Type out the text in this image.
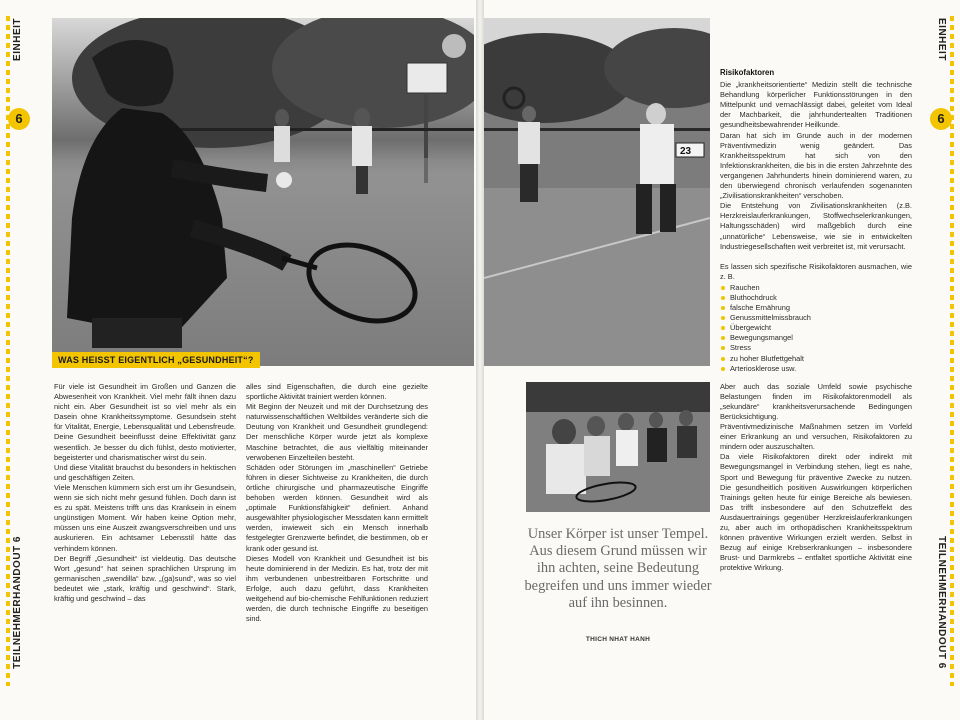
EINHEIT
6
TEILNEHMERHANDOUT 6
EINHEIT
6
TEILNEHMERHANDOUT 6
WAS HEISST EIGENTLICH „GESUNDHEIT“?
23

Für viele ist Gesundheit im Großen und Ganzen die Abwesenheit von Krankheit. Viel mehr fällt ihnen dazu nicht ein. Aber Gesundheit ist so viel mehr als ein Dasein ohne Krankheitssymptome. Gesundsein steht für Vitalität, Energie, Lebensqualität und Lebensfreude. Deine Gesundheit beeinflusst deine Effektivität ganz wesentlich. Je besser du dich fühlst, desto motivierter, begeisterter und charismatischer wirst du sein.

Und diese Vitalität brauchst du besonders in hektischen und geschäftigen Zeiten.

Viele Menschen kümmern sich erst um ihr Gesundsein, wenn sie sich nicht mehr gesund fühlen. Doch dann ist es zu spät. Meistens trifft uns das Kranksein in einem ungünstigen Moment. Wir haben keine Option mehr, müssen uns eine Auszeit zwangsverschreiben und uns auskurieren. Ein achtsamer Lebensstil hätte das verhindern können.

Der Begriff „Gesundheit“ ist vieldeutig. Das deutsche Wort „gesund“ hat seinen sprachlichen Ursprung im germanischen „swendilla“ bzw. „(ga)sund“, was so viel bedeutet wie „stark, kräftig und geschwind“. Stark, kräftig und geschwind – das

alles sind Eigenschaften, die durch eine gezielte sportliche Aktivität trainiert werden können.

Mit Beginn der Neuzeit und mit der Durchsetzung des naturwissenschaftlichen Weltbildes veränderte sich die Deutung von Krankheit und Gesundheit grundlegend: Der menschliche Körper wurde jetzt als komplexe Maschine betrachtet, die aus vielfältig miteinander verwobenen Einzelteilen besteht.

Schäden oder Störungen im „maschinellen“ Getriebe führen in dieser Sichtweise zu Krankheiten, die durch örtliche chirurgische und pharmazeutische Eingriffe behoben werden können. Gesundheit wird als „optimale Funktionsfähigkeit“ definiert. Anhand ausgewählter physiologischer Messdaten kann ermittelt werden, inwieweit sich ein Mensch innerhalb festgelegter Grenzwerte befindet, die bestimmen, ob er krank oder gesund ist.

Dieses Modell von Krankheit und Gesundheit ist bis heute dominierend in der Medizin. Es hat, trotz der mit ihm verbundenen unbestreitbaren Fortschritte und Erfolge, auch dazu geführt, dass Krankheiten weitgehend auf bio-chemische Fehlfunktionen reduziert werden, die durch technische Eingriffe zu beseitigen sind.

Unser Körper ist unser Tempel. Aus diesem Grund müssen wir ihn achten, seine Bedeutung begreifen und uns immer wieder auf ihn besinnen.
THICH NHAT HANH
Risikofaktoren

Die „krankheitsorientierte“ Medizin stellt die technische Behandlung körperlicher Funktionsstörungen in den Mittelpunkt und vernachlässigt dabei, geleitet vom Ideal der Machbarkeit, die jahrhundertealten Traditionen gesundheitsbewahrender Heilkunde.

Daran hat sich im Grunde auch in der modernen Präventivmedizin wenig geändert. Das Krankheitsspektrum hat sich von den Infektionskrankheiten, die bis in die ersten Jahrzehnte des vergangenen Jahrhunderts hinein dominierend waren, zu den überwiegend chronisch verlaufenden sogenannten „Zivilisationskrankheiten“ verschoben.

Die Entstehung von Zivilisationskrankheiten (z.B. Herzkreislauferkrankungen, Stoffwechselerkrankungen, Haltungsschäden) wird maßgeblich durch eine „unnatürliche“ Lebensweise, wie sie in entwickelten Industriegesellschaften weit verbreitet ist, mit verursacht.

Es lassen sich spezifische Risikofaktoren ausmachen, wie z. B.

Rauchen
Bluthochdruck
falsche Ernährung
Genussmittelmissbrauch
Übergewicht
Bewegungsmangel
Stress
zu hoher Blutfettgehalt
Arteriosklerose usw.

Aber auch das soziale Umfeld sowie psychische Belastungen finden im Risikofaktorenmodell als „sekundäre“ krankheitsverursachende Bedingungen Berücksichtigung.

Präventivmedizinische Maßnahmen setzen im Vorfeld einer Erkrankung an und versuchen, Risikofaktoren zu mindern oder auszuschalten.

Da viele Risikofaktoren direkt oder indirekt mit Bewegungsmangel in Verbindung stehen, liegt es nahe, Sport und Bewegung für präventive Zwecke zu nutzen. Die gesundheitlich positiven Auswirkungen körperlichen Trainings gelten heute für einige Bereiche als bewiesen. Das trifft insbesondere auf den Schutzeffekt des Ausdauertrainings gegenüber Herzkreislauferkrankungen zu, aber auch im orthopädischen Krankheitsspektrum können präventive Wirkungen erzielt werden. Selbst in Bezug auf einige Krebserkrankungen – insbesondere Brust- und Darmkrebs – entfaltet sportliche Aktivität eine protektive Wirkung.
